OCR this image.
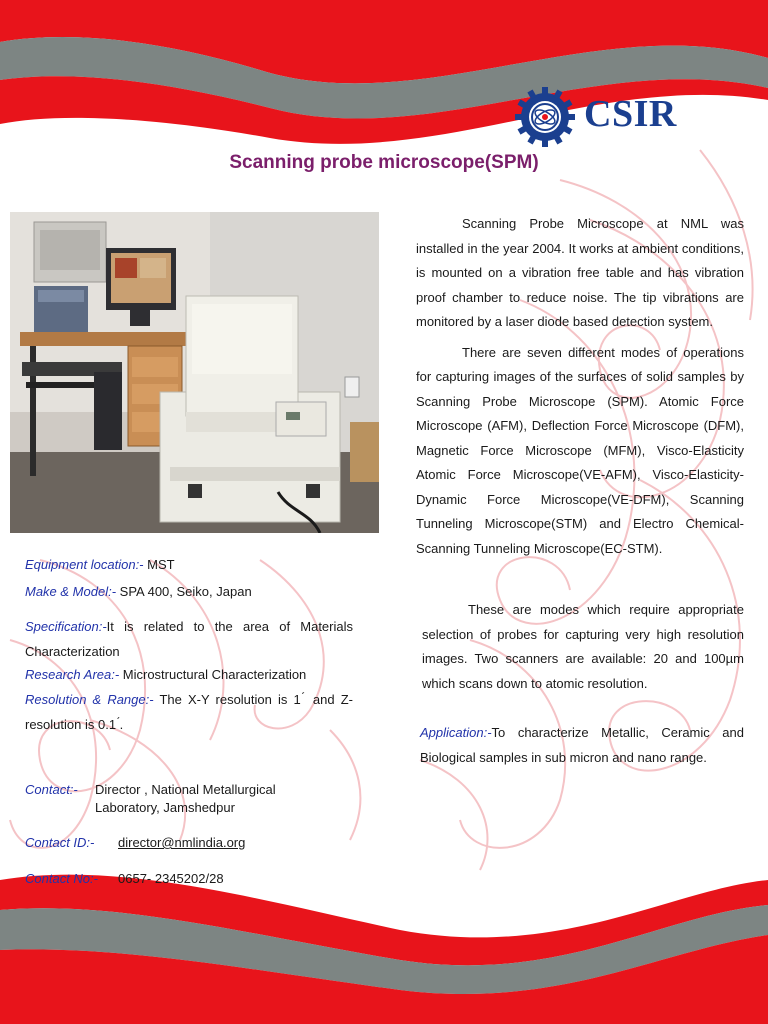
CSIR
Scanning probe microscope(SPM)

Scanning Probe Microscope at NML was installed in the year 2004. It works at ambient conditions, is mounted on a vibration free table and has vibration proof chamber to reduce noise. The tip vibrations are monitored by a laser diode based detection system.

There are seven different modes of operations for capturing images of the surfaces of solid samples by Scanning Probe Microscope (SPM). Atomic Force Microscope (AFM), Deflection Force Microscope (DFM), Magnetic Force Microscope (MFM), Visco-Elasticity Atomic Force Microscope(VE-AFM), Visco-Elasticity- Dynamic Force Microscope(VE-DFM), Scanning Tunneling Microscope(STM) and Electro Chemical- Scanning Tunneling Microscope(EC-STM).

These are modes which require appropriate selection of probes for capturing very high resolution images. Two scanners are available: 20 and 100µm which scans down to atomic resolution.

Application:-To characterize Metallic, Ceramic and Biological samples in sub micron and nano range.

Equipment location:- MST

Make & Model:- SPA 400, Seiko, Japan

Specification:-It is related to the area of Materials Characterization

Research Area:- Microstructural Characterization

Resolution & Range:- The X-Y resolution is 1 ́ and Z-resolution is 0.1 ́.

Contact:-	Director , National Metallurgical
Laboratory, Jamshedpur
Contact ID:-	director@nmlindia.org
Contact No:-	0657- 2345202/28
